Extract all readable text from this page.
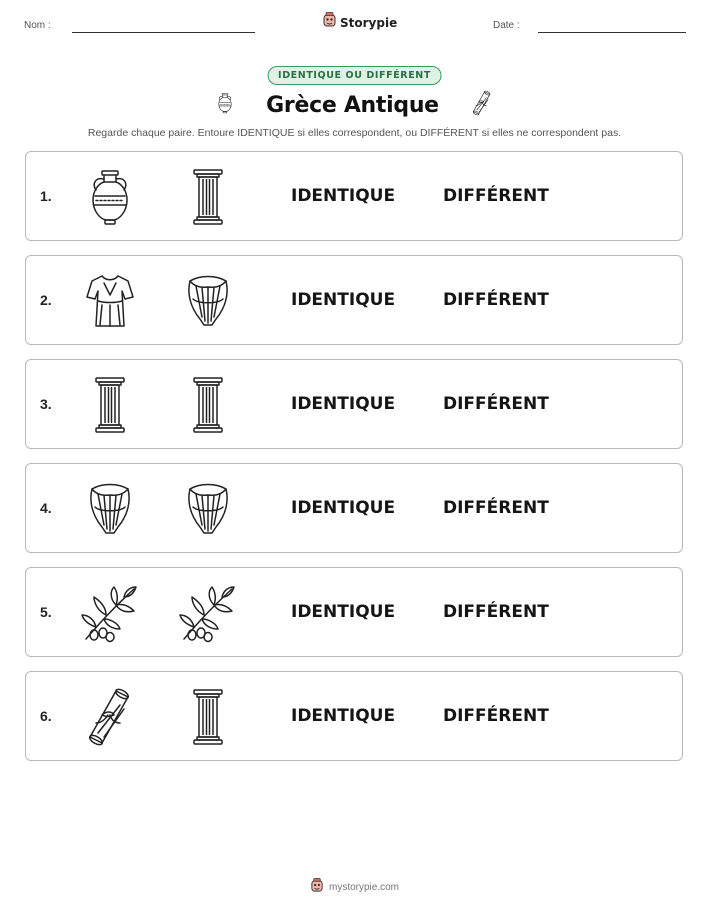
Nom :	Storypie	Date :
IDENTIQUE OU DIFFÉRENT
Grèce Antique
Regarde chaque paire. Entoure IDENTIQUE si elles correspondent, ou DIFFÉRENT si elles ne correspondent pas.
1.	IDENTIQUE	DIFFÉRENT
2.	IDENTIQUE	DIFFÉRENT
3.	IDENTIQUE	DIFFÉRENT
4.	IDENTIQUE	DIFFÉRENT
5.	IDENTIQUE	DIFFÉRENT
6.	IDENTIQUE	DIFFÉRENT
mystorypie.com
